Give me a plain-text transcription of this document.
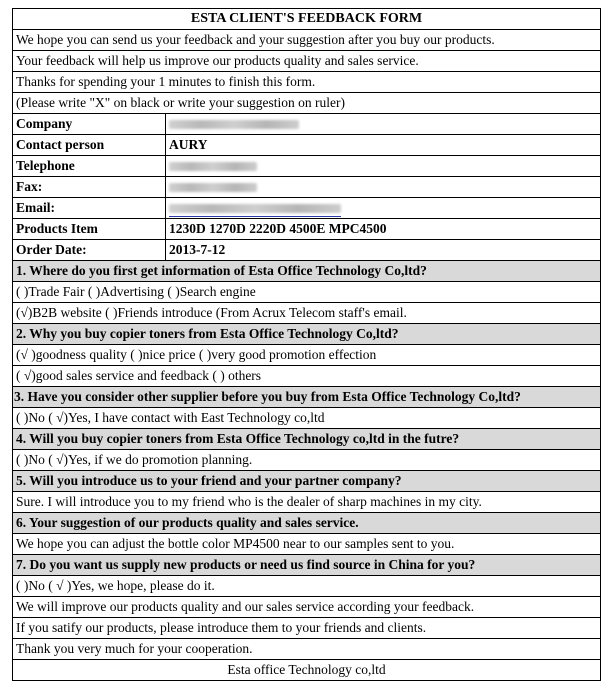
ESTA CLIENT'S FEEDBACK FORM	
We hope you can send us your feedback and your suggestion after you buy our products.	
Your feedback will help us improve our products quality and sales service.	
Thanks for spending your 1 minutes to finish this form.	
(Please write "X" on black or write your suggestion on ruler)	
Company	
Contact person	AURY
Telephone	
Fax:	
Email:	
Products Item	1230D 1270D 2220D 4500E MPC4500
Order Date:	2013-7-12
1. Where do you first get information of Esta Office Technology Co,ltd?	
( )Trade Fair ( )Advertising ( )Search engine	
(√)B2B website ( )Friends introduce (From Acrux Telecom staff's email.	
2. Why you buy copier toners from Esta Office Technology Co,ltd?	
(√ )goodness quality ( )nice price ( )very good promotion effection	
( √)good sales service and feedback ( ) others	
3. Have you consider other supplier before you buy from Esta Office Technology Co,ltd?	
( )No ( √)Yes, I have contact with East Technology co,ltd	
4. Will you buy copier toners from Esta Office Technology co,ltd in the futre?	
( )No ( √)Yes, if we do promotion planning.	
5. Will you introduce us to your friend and your partner company?	
Sure. I will introduce you to my friend who is the dealer of sharp machines in my city.	
6. Your suggestion of our products quality and sales service.	
We hope you can adjust the bottle color MP4500 near to our samples sent to you.	
7. Do you want us supply new products or need us find source in China for you?	
( )No ( √ )Yes, we hope, please do it.	
We will improve our products quality and our sales service according your feedback.	
If you satify our products, please introduce them to your friends and clients.	
Thank you very much for your cooperation.	
Esta office Technology co,ltd	
